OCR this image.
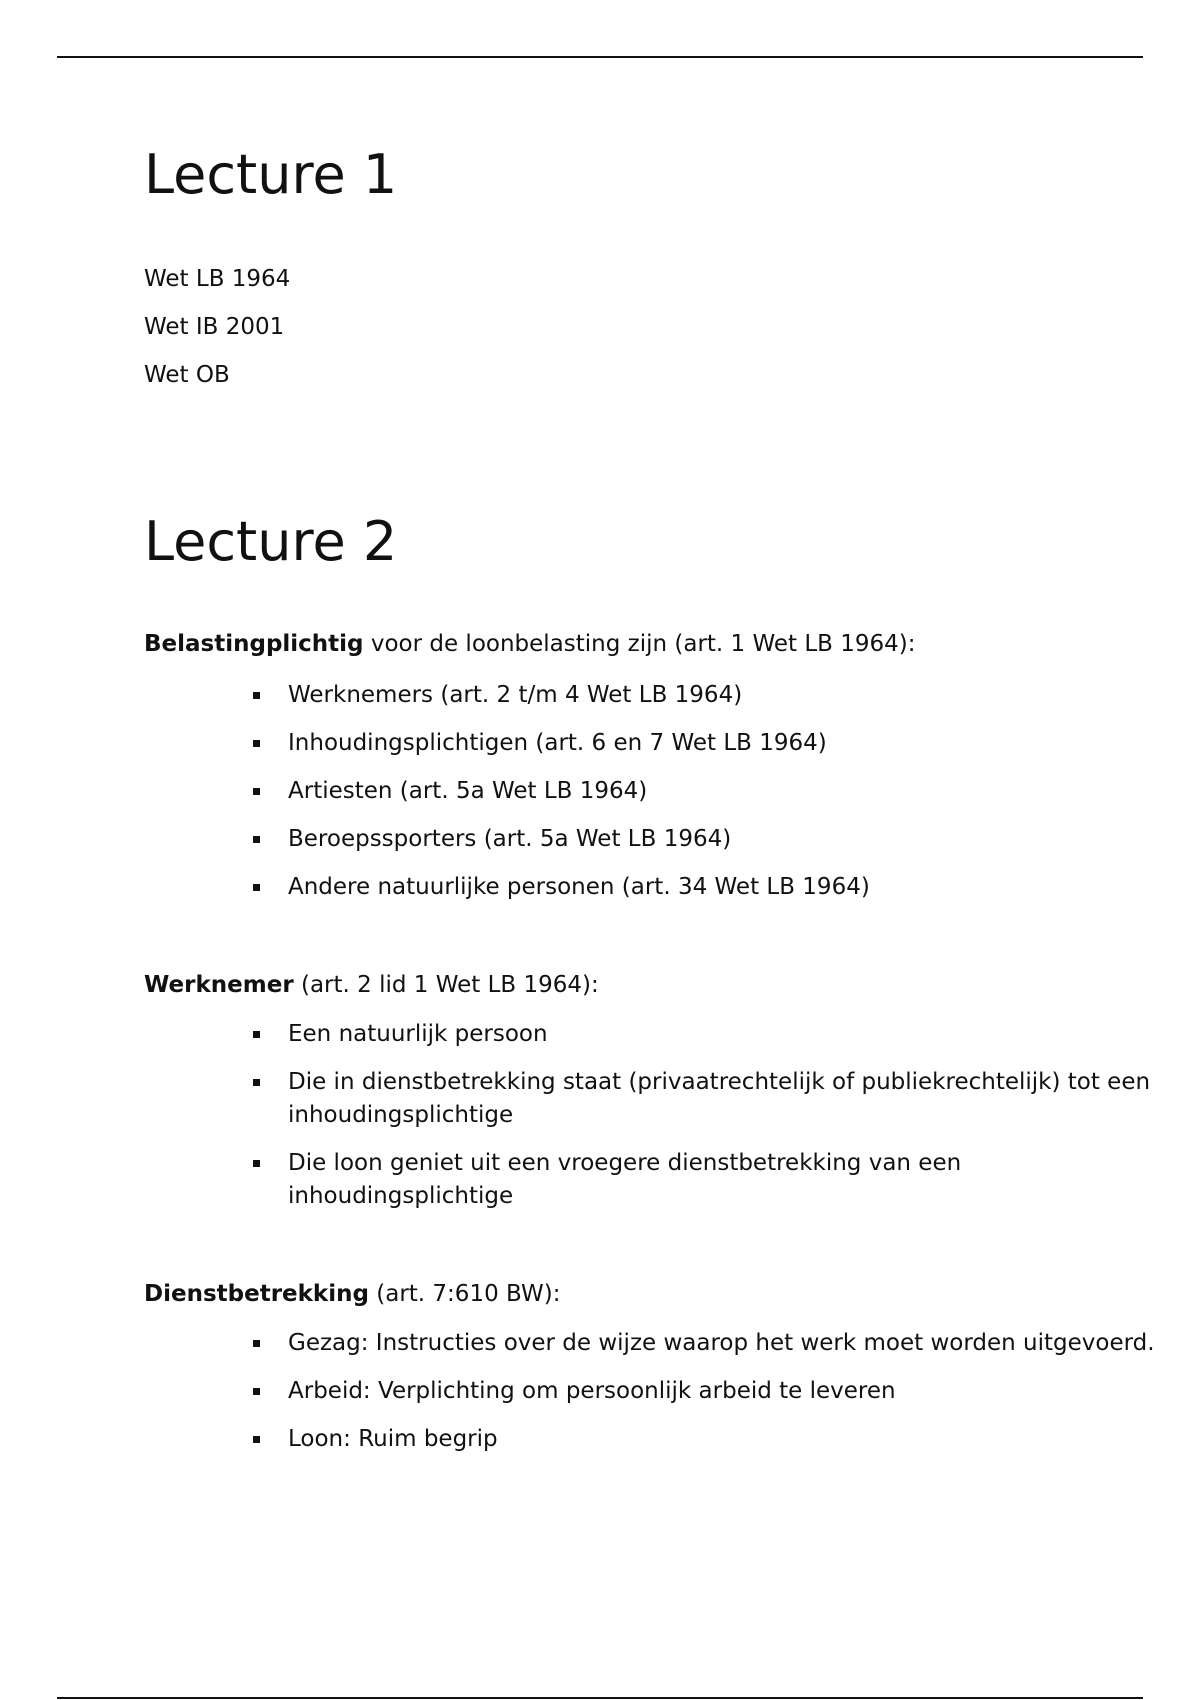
Lecture 1
Wet LB 1964
Wet IB 2001
Wet OB
Lecture 2
Belastingplichtig voor de loonbelasting zijn (art. 1 Wet LB 1964):
Werknemers (art. 2 t/m 4 Wet LB 1964)
Inhoudingsplichtigen (art. 6 en 7 Wet LB 1964)
Artiesten (art. 5a Wet LB 1964)
Beroepssporters (art. 5a Wet LB 1964)
Andere natuurlijke personen (art. 34 Wet LB 1964)
Werknemer (art. 2 lid 1 Wet LB 1964):
Een natuurlijk persoon
Die in dienstbetrekking staat (privaatrechtelijk of publiekrechtelijk) tot een inhoudingsplichtige
Die loon geniet uit een vroegere dienstbetrekking van een inhoudingsplichtige
Dienstbetrekking (art. 7:610 BW):
Gezag: Instructies over de wijze waarop het werk moet worden uitgevoerd.
Arbeid: Verplichting om persoonlijk arbeid te leveren
Loon: Ruim begrip
